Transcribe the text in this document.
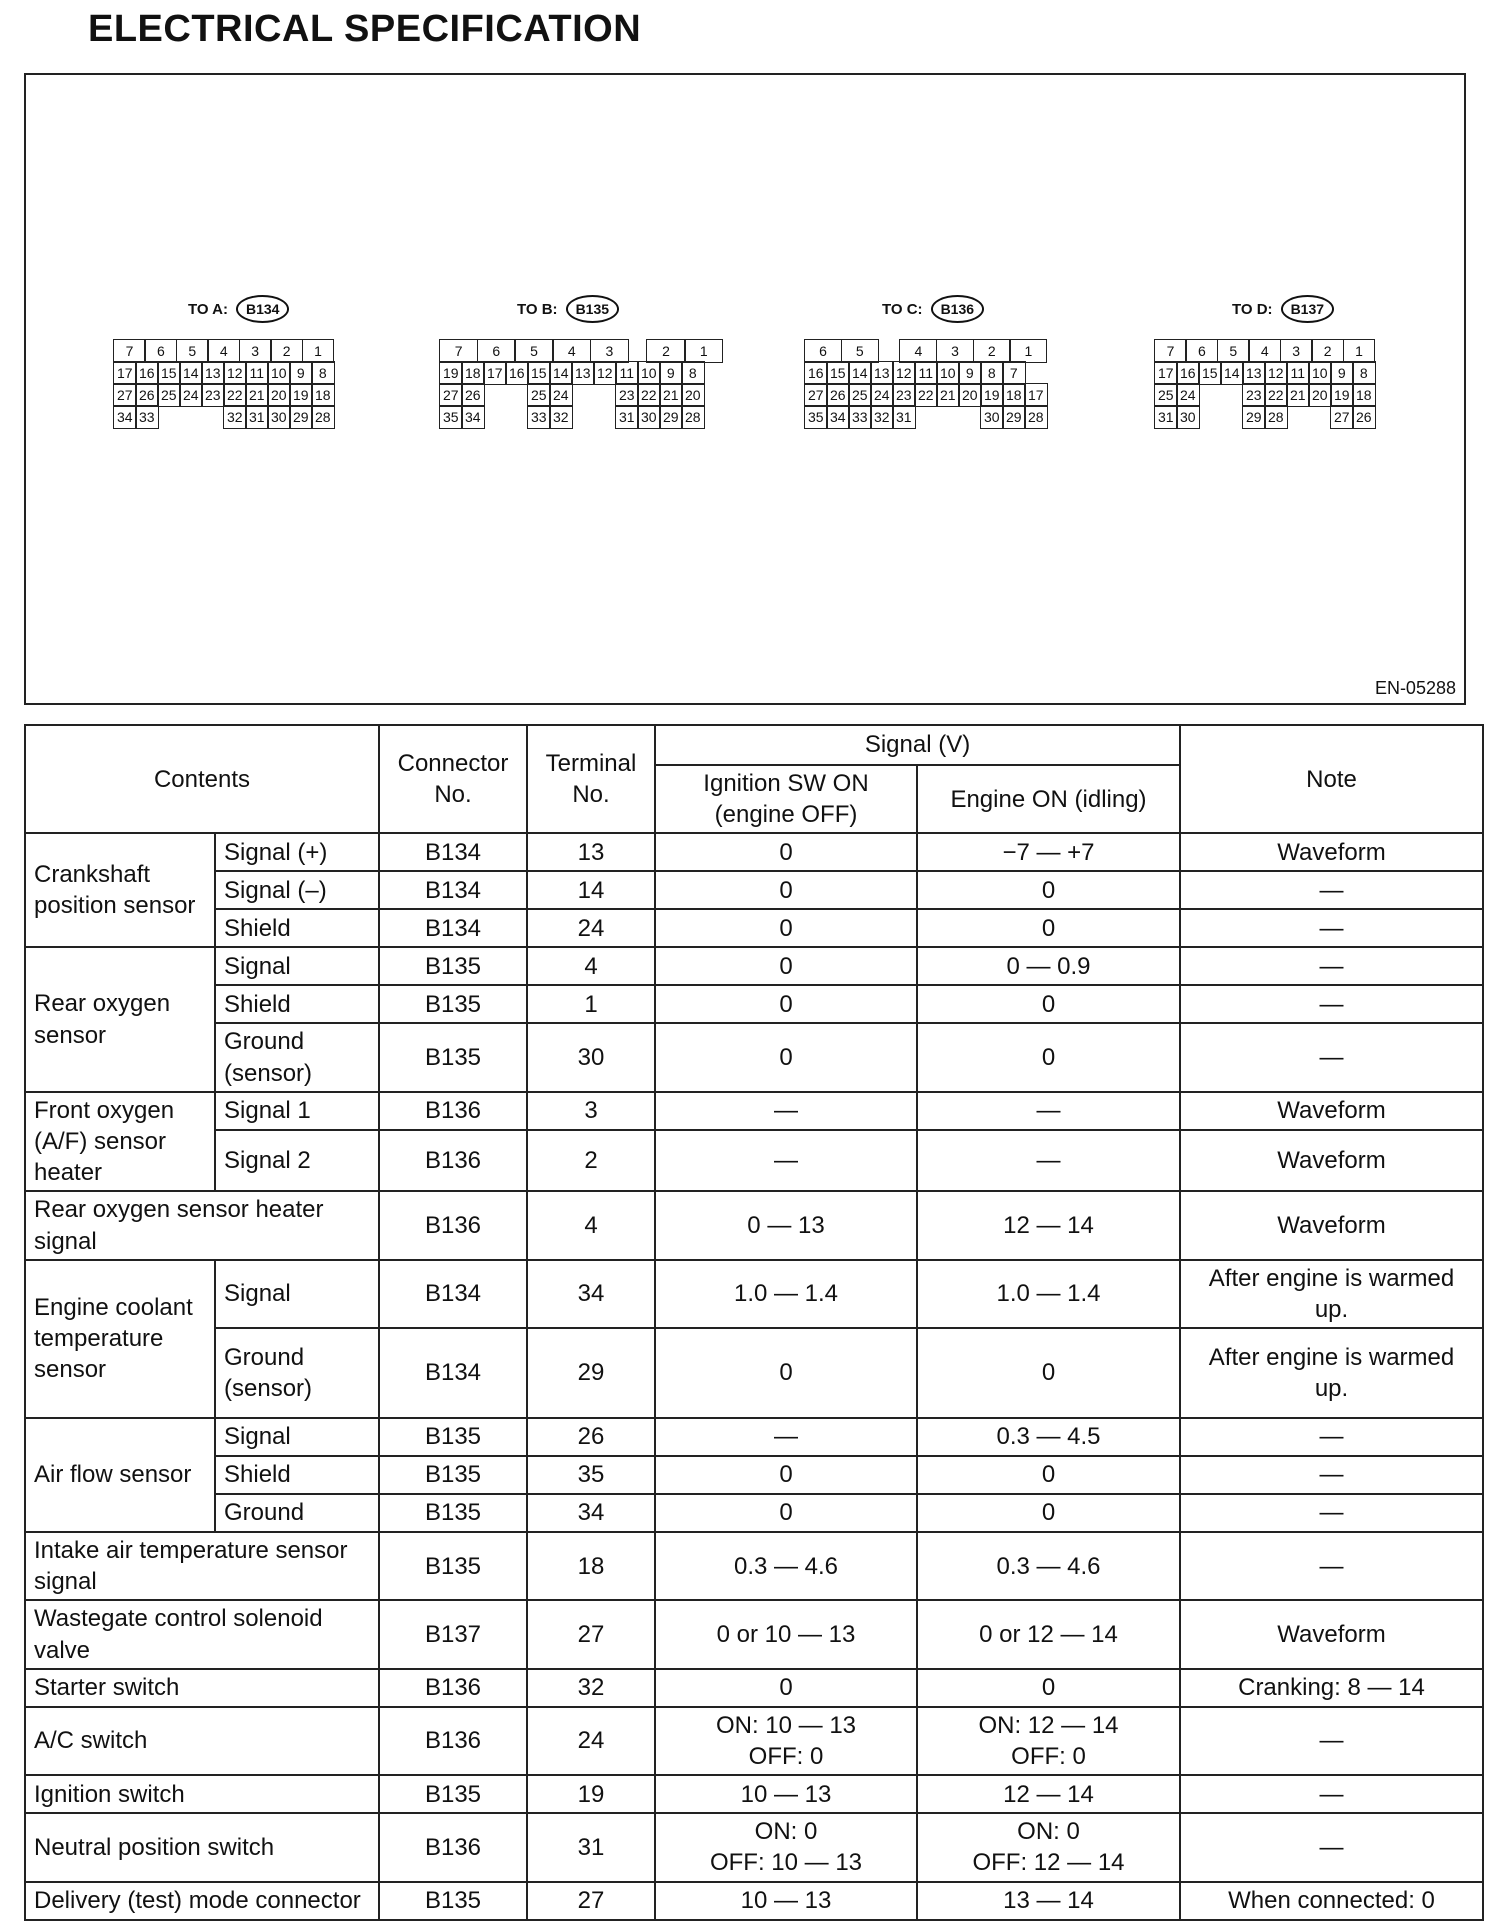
ELECTRICAL SPECIFICATION
TO A:	B134
7	6	5	4	3	2	1
17 16 15 14 13 12 11 10 9	8
27 26 25 24 23 22 21 20 19 18
34 33	32 31 30 29 28
TO B:	B135
7	6	5	4	3	2	1
19 18 17 16 15 14 13 12 11 10 9	8
27 26	25 24	23 22 21 20
35 34	33 32	31 30 29 28
TO C:	B136
6	5	4	3	2	1
16 15 14 13 12 11 10 9	8	7
27 26 25 24 23 22 21 20 19 18 17
35 34 33 32 31	30 29 28
TO D:	B137
7	6	5	4	3	2	1
17 16 15 14 13 12 11 10 9	8
25 24	23 22 21 20 19 18
31 30	29 28	27 26
EN-05288
Contents		Connector No.	Terminal No.	Signal (V)		Note
				Ignition SW ON (engine OFF)	Engine ON (idling)	
Crankshaft position sensor	Signal (+)	B134	13	0	−7 — +7	Waveform
	Signal (–)	B134	14	0	0	—
	Shield	B134	24	0	0	—
Rear oxygen sensor	Signal	B135	4	0	0 — 0.9	—
	Shield	B135	1	0	0	—
	Ground (sensor)	B135	30	0	0	—
Front oxygen (A/F) sensor heater	Signal 1	B136	3	—	—	Waveform
	Signal 2	B136	2	—	—	Waveform
Rear oxygen sensor heater signal		B136	4	0 — 13	12 — 14	Waveform
Engine coolant temperature sensor	Signal	B134	34	1.0 — 1.4	1.0 — 1.4	After engine is warmed up.
	Ground (sensor)	B134	29	0	0	After engine is warmed up.
Air flow sensor	Signal	B135	26	—	0.3 — 4.5	—
	Shield	B135	35	0	0	—
	Ground	B135	34	0	0	—
Intake air temperature sensor signal		B135	18	0.3 — 4.6	0.3 — 4.6	—
Wastegate control solenoid valve		B137	27	0 or 10 — 13	0 or 12 — 14	Waveform
Starter switch		B136	32	0	0	Cranking: 8 — 14
A/C switch		B136	24	ON: 10 — 13
OFF: 0	ON: 12 — 14
OFF: 0	—
Ignition switch		B135	19	10 — 13	12 — 14	—
Neutral position switch		B136	31	ON: 0
OFF: 10 — 13	ON: 0
OFF: 12 — 14	—
Delivery (test) mode connector		B135	27	10 — 13	13 — 14	When connected: 0
